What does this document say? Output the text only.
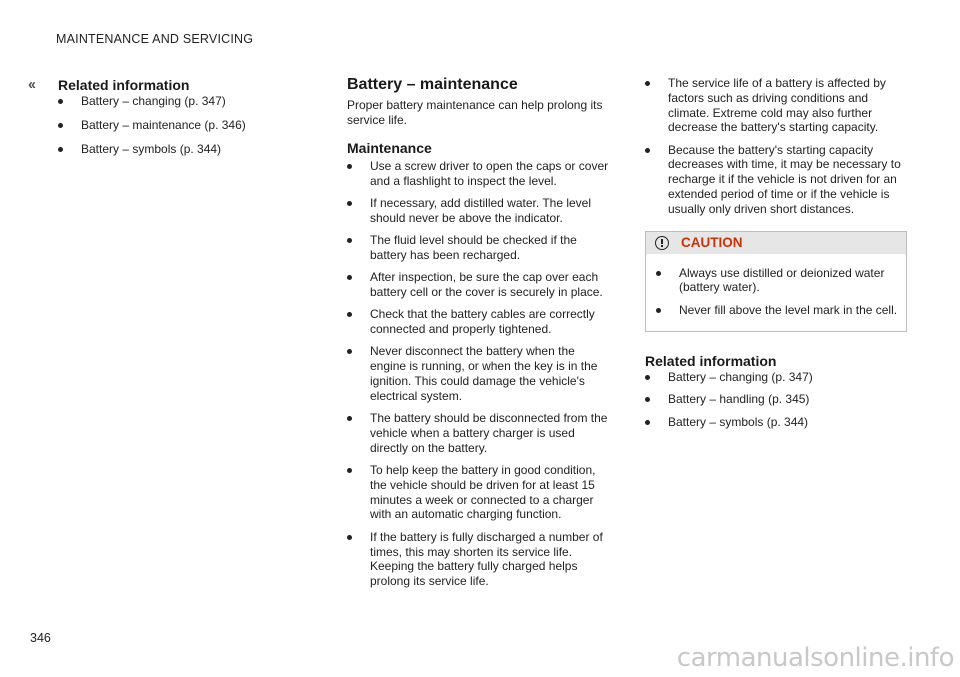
MAINTENANCE AND SERVICING
‹‹ Related information
Battery – changing (p. 347)
Battery – maintenance (p. 346)
Battery – symbols (p. 344)
Battery – maintenance

Proper battery maintenance can help prolong its service life.

Maintenance
Use a screw driver to open the caps or cover and a flashlight to inspect the level.
If necessary, add distilled water. The level should never be above the indicator.
The fluid level should be checked if the battery has been recharged.
After inspection, be sure the cap over each battery cell or the cover is securely in place.
Check that the battery cables are correctly connected and properly tightened.
Never disconnect the battery when the engine is running, or when the key is in the ignition. This could damage the vehicle's electrical system.
The battery should be disconnected from the vehicle when a battery charger is used directly on the battery.
To help keep the battery in good condition, the vehicle should be driven for at least 15 minutes a week or connected to a charger with an automatic charging function.
If the battery is fully discharged a number of times, this may shorten its service life. Keeping the battery fully charged helps prolong its service life.
The service life of a battery is affected by factors such as driving conditions and climate. Extreme cold may also further decrease the battery's starting capacity.
Because the battery's starting capacity decreases with time, it may be necessary to recharge it if the vehicle is not driven for an extended period of time or if the vehicle is usually only driven short distances.
CAUTION
Always use distilled or deionized water (battery water).
Never fill above the level mark in the cell.
Related information
Battery – changing (p. 347)
Battery – handling (p. 345)
Battery – symbols (p. 344)
346
carmanualsonline.info
